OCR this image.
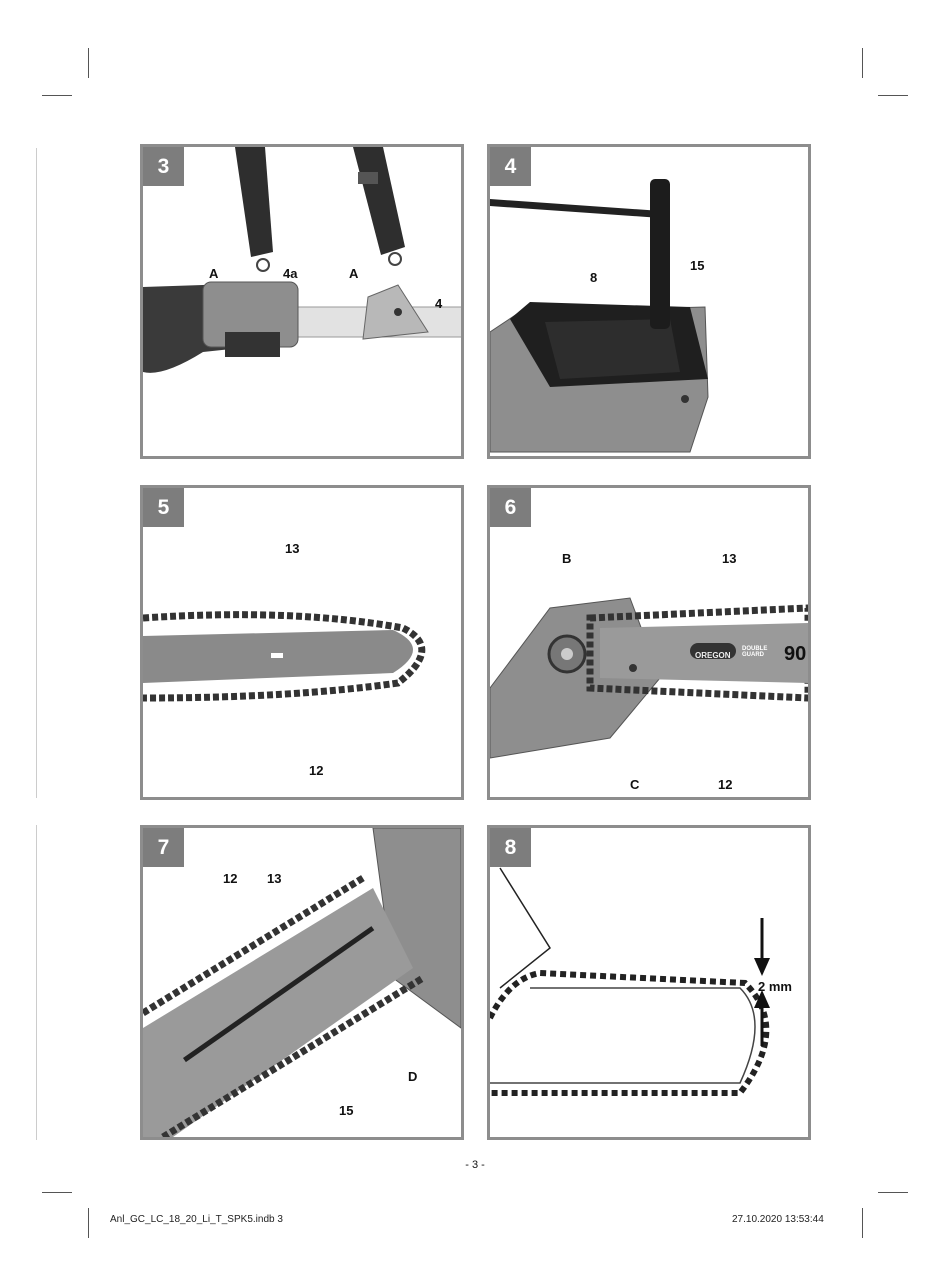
3
A	4a	A
4
4
8
15
5
13
12
6
B	13
C	12
OREGON
DOUBLE GUARD 90
7
12 13
D
15
8
2 mm
- 3 -
Anl_GC_LC_18_20_Li_T_SPK5.indb 3	27.10.2020 13:53:44
